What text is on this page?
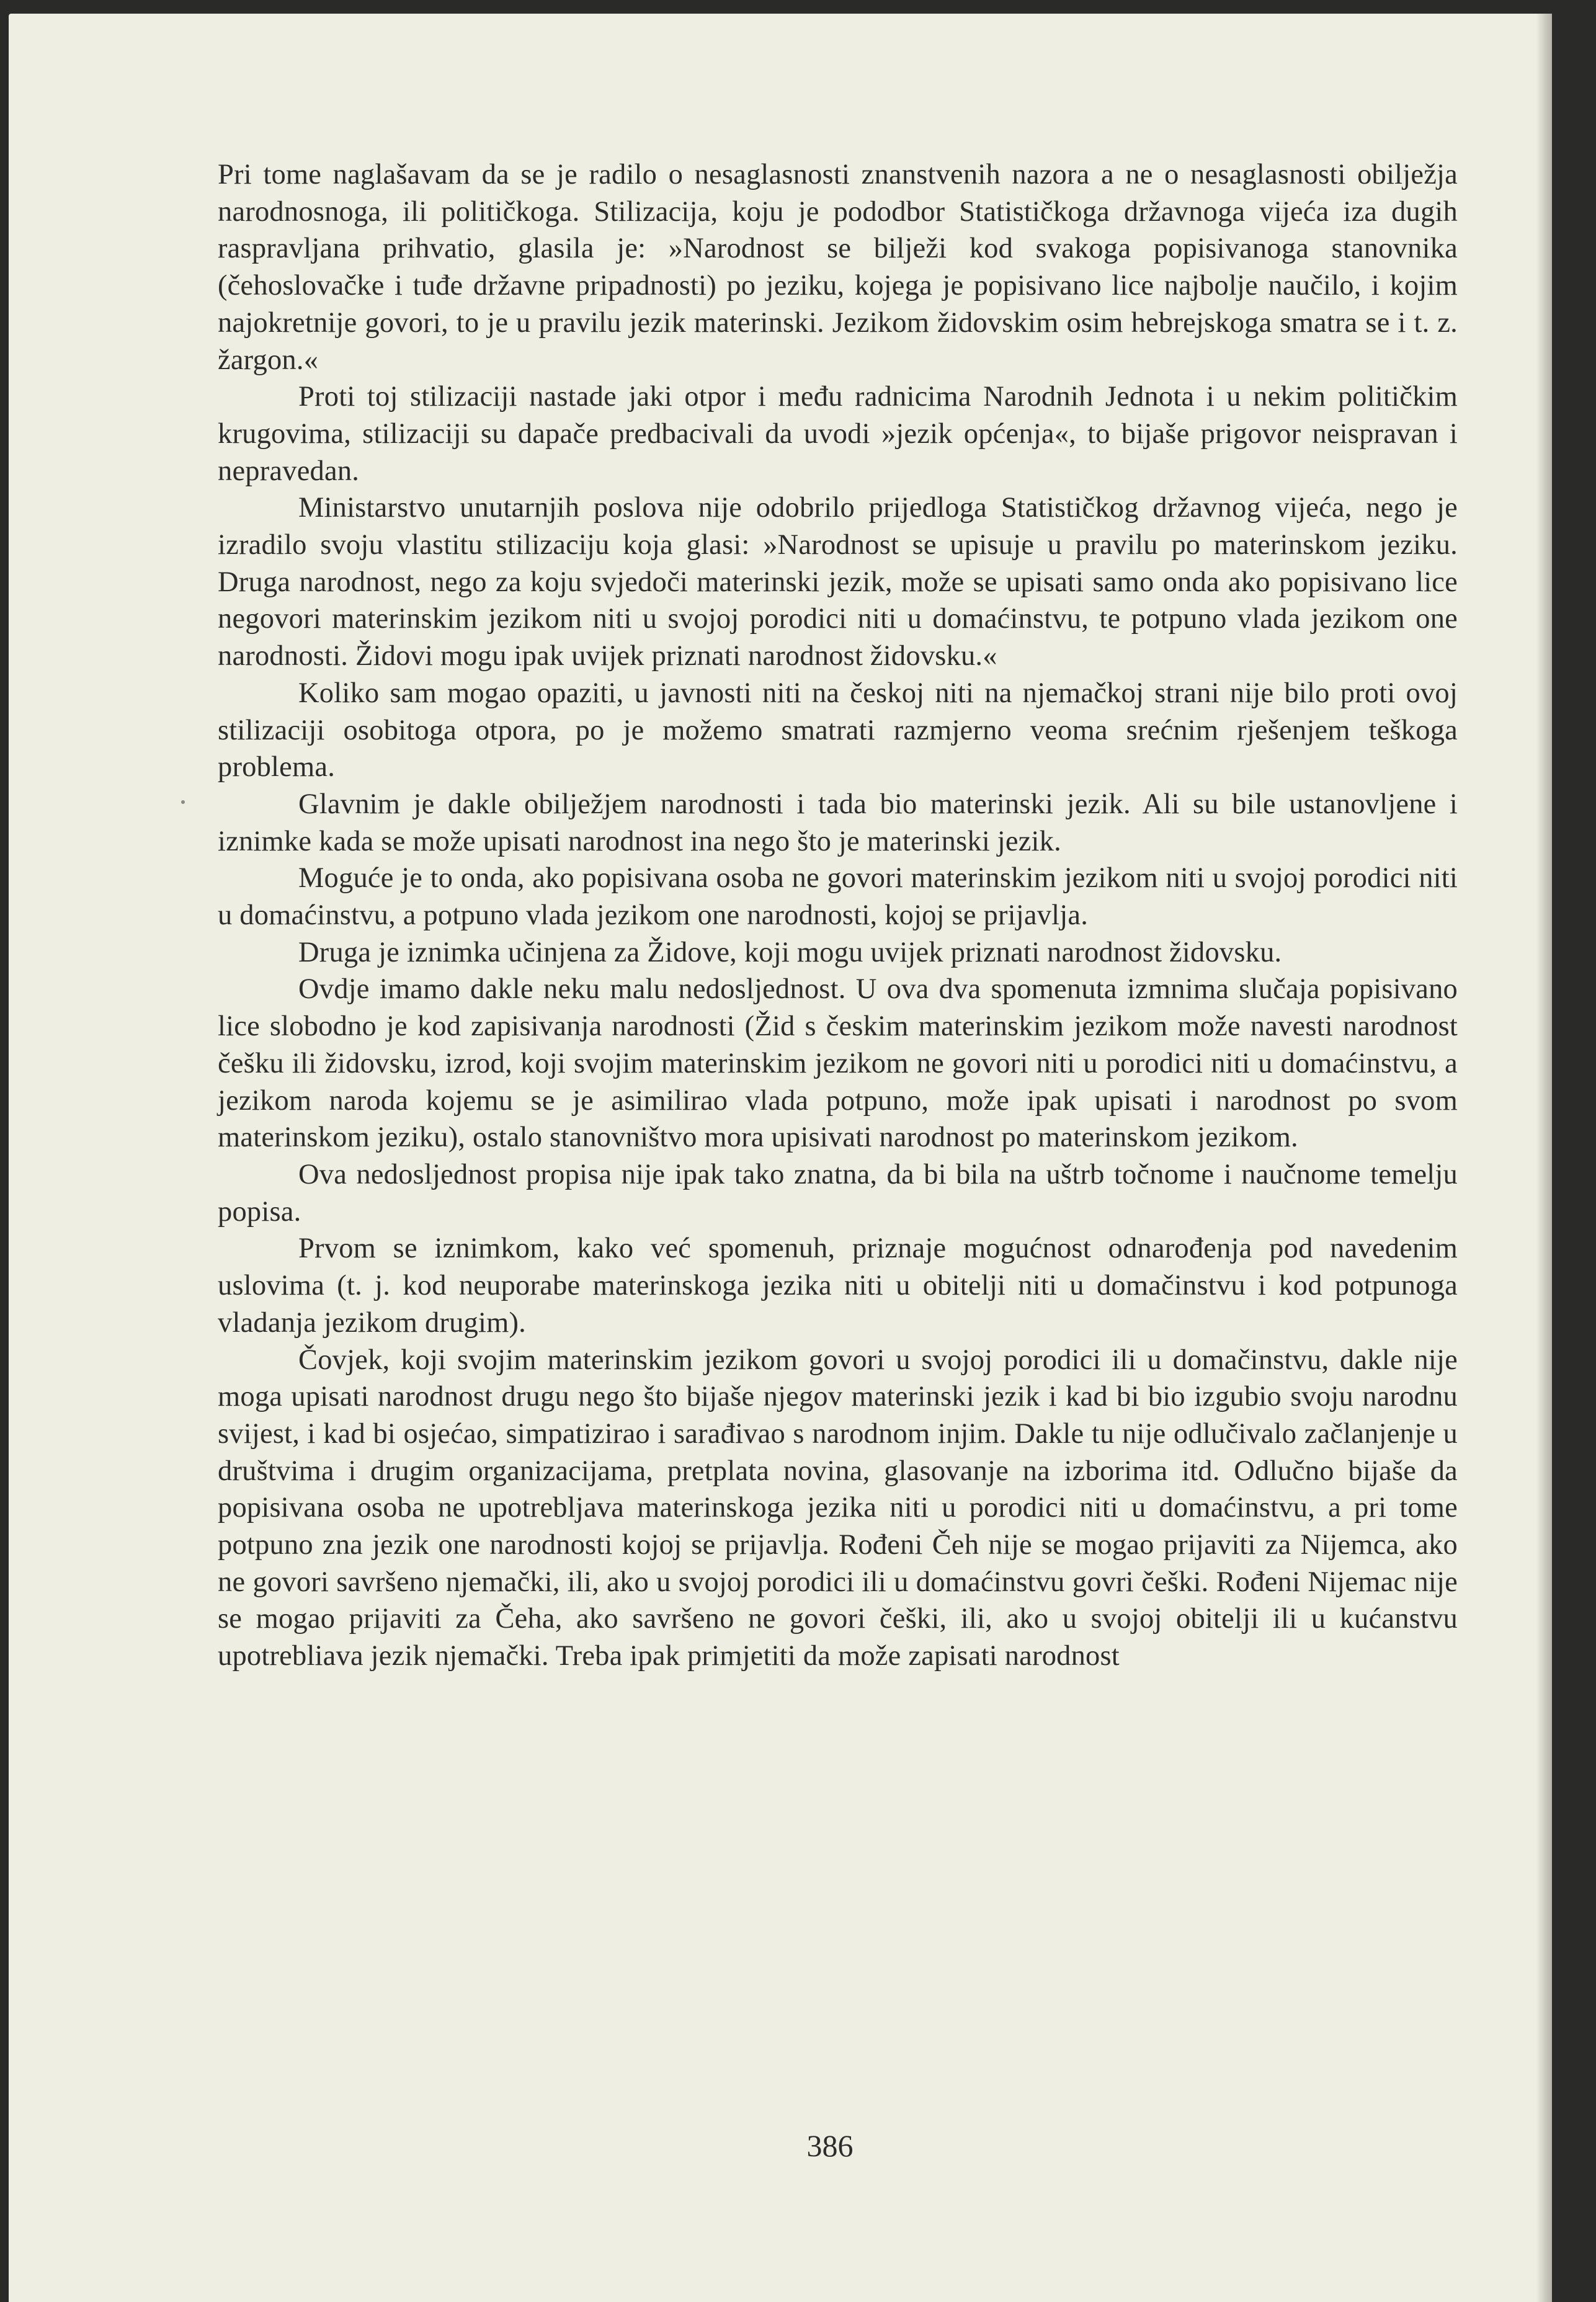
Pri tome naglašavam da se je radilo o nesaglasnosti znanstvenih nazora a ne o nesaglasnosti obilježja narodnosnoga, ili političkoga. Stilizacija, koju je pododbor Statističkoga državnoga vijeća iza dugih raspravljana prihvatio, glasila je: »Narodnost se bilježi kod svakoga popisivanoga stanovnika (čehoslovačke i tuđe državne pripadnosti) po jeziku, kojega je popisivano lice najbolje naučilo, i kojim najokretnije govori, to je u pravilu jezik materinski. Jezikom židovskim osim hebrejskoga smatra se i t. z. žargon.«

Proti toj stilizaciji nastade jaki otpor i među radnicima Narodnih Jednota i u nekim političkim krugovima, stilizaciji su dapače predbacivali da uvodi »jezik općenja«, to bijaše prigovor neispravan i nepravedan.

Ministarstvo unutarnjih poslova nije odobrilo prijedloga Statističkog državnog vijeća, nego je izradilo svoju vlastitu stilizaciju koja glasi: »Narodnost se upisuje u pravilu po materinskom jeziku. Druga narodnost, nego za koju svjedoči materinski jezik, može se upisati samo onda ako popisivano lice negovori materinskim jezikom niti u svojoj porodici niti u domaćinstvu, te potpuno vlada jezikom one narodnosti. Židovi mogu ipak uvijek priznati narodnost židovsku.«

Koliko sam mogao opaziti, u javnosti niti na českoj niti na njemačkoj strani nije bilo proti ovoj stilizaciji osobitoga otpora, po je možemo smatrati razmjerno veoma srećnim rješenjem teškoga problema.

Glavnim je dakle obilježjem narodnosti i tada bio materinski jezik. Ali su bile ustanovljene i iznimke kada se može upisati narodnost ina nego što je materinski jezik.

Moguće je to onda, ako popisivana osoba ne govori materinskim jezikom niti u svojoj porodici niti u domaćinstvu, a potpuno vlada jezikom one narodnosti, kojoj se prijavlja.

Druga je iznimka učinjena za Židove, koji mogu uvijek priznati narodnost židovsku.

Ovdje imamo dakle neku malu nedosljednost. U ova dva spomenuta izmnima slučaja popisivano lice slobodno je kod zapisivanja narodnosti (Žid s českim materinskim jezikom može navesti narodnost češku ili židovsku, izrod, koji svojim materinskim jezikom ne govori niti u porodici niti u domaćinstvu, a jezikom naroda kojemu se je asimilirao vlada potpuno, može ipak upisati i narodnost po svom materinskom jeziku), ostalo stanovništvo mora upisivati narodnost po materinskom jezikom.

Ova nedosljednost propisa nije ipak tako znatna, da bi bila na uštrb točnome i naučnome temelju popisa.

Prvom se iznimkom, kako već spomenuh, priznaje mogućnost odnarođenja pod navedenim uslovima (t. j. kod neuporabe materinskoga jezika niti u obitelji niti u domačinstvu i kod potpunoga vladanja jezikom drugim).

Čovjek, koji svojim materinskim jezikom govori u svojoj porodici ili u domačinstvu, dakle nije moga upisati narodnost drugu nego što bijaše njegov materinski jezik i kad bi bio izgubio svoju narodnu svijest, i kad bi osjećao, simpatizirao i sarađivao s narodnom injim. Dakle tu nije odlučivalo začlanjenje u društvima i drugim organizacijama, pretplata novina, glasovanje na izborima itd. Odlučno bijaše da popisivana osoba ne upotrebljava materinskoga jezika niti u porodici niti u domaćinstvu, a pri tome potpuno zna jezik one narodnosti kojoj se prijavlja. Rođeni Čeh nije se mogao prijaviti za Nijemca, ako ne govori savršeno njemački, ili, ako u svojoj porodici ili u domaćinstvu govri češki. Rođeni Nijemac nije se mogao prijaviti za Čeha, ako savršeno ne govori češki, ili, ako u svojoj obitelji ili u kućanstvu upotrebliava jezik njemački. Treba ipak primjetiti da može zapisati narodnost

386
